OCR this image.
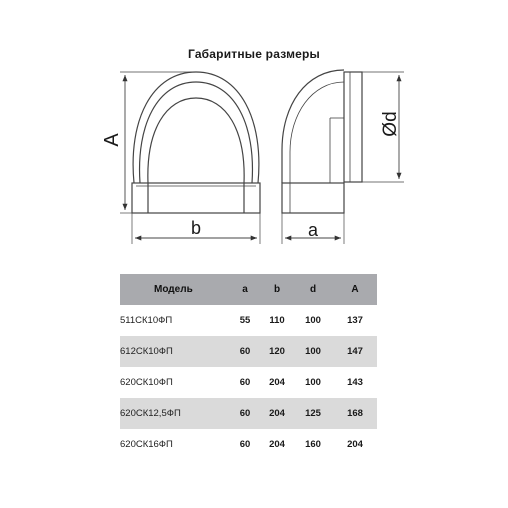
Габаритные размеры
A
b	a
Ød
Модель	a	b	d	A
511СК10ФП	55	110	100	137
612СК10ФП	60	120	100	147
620СК10ФП	60	204	100	143
620СК12,5ФП	60	204	125	168
620СК16ФП	60	204	160	204
